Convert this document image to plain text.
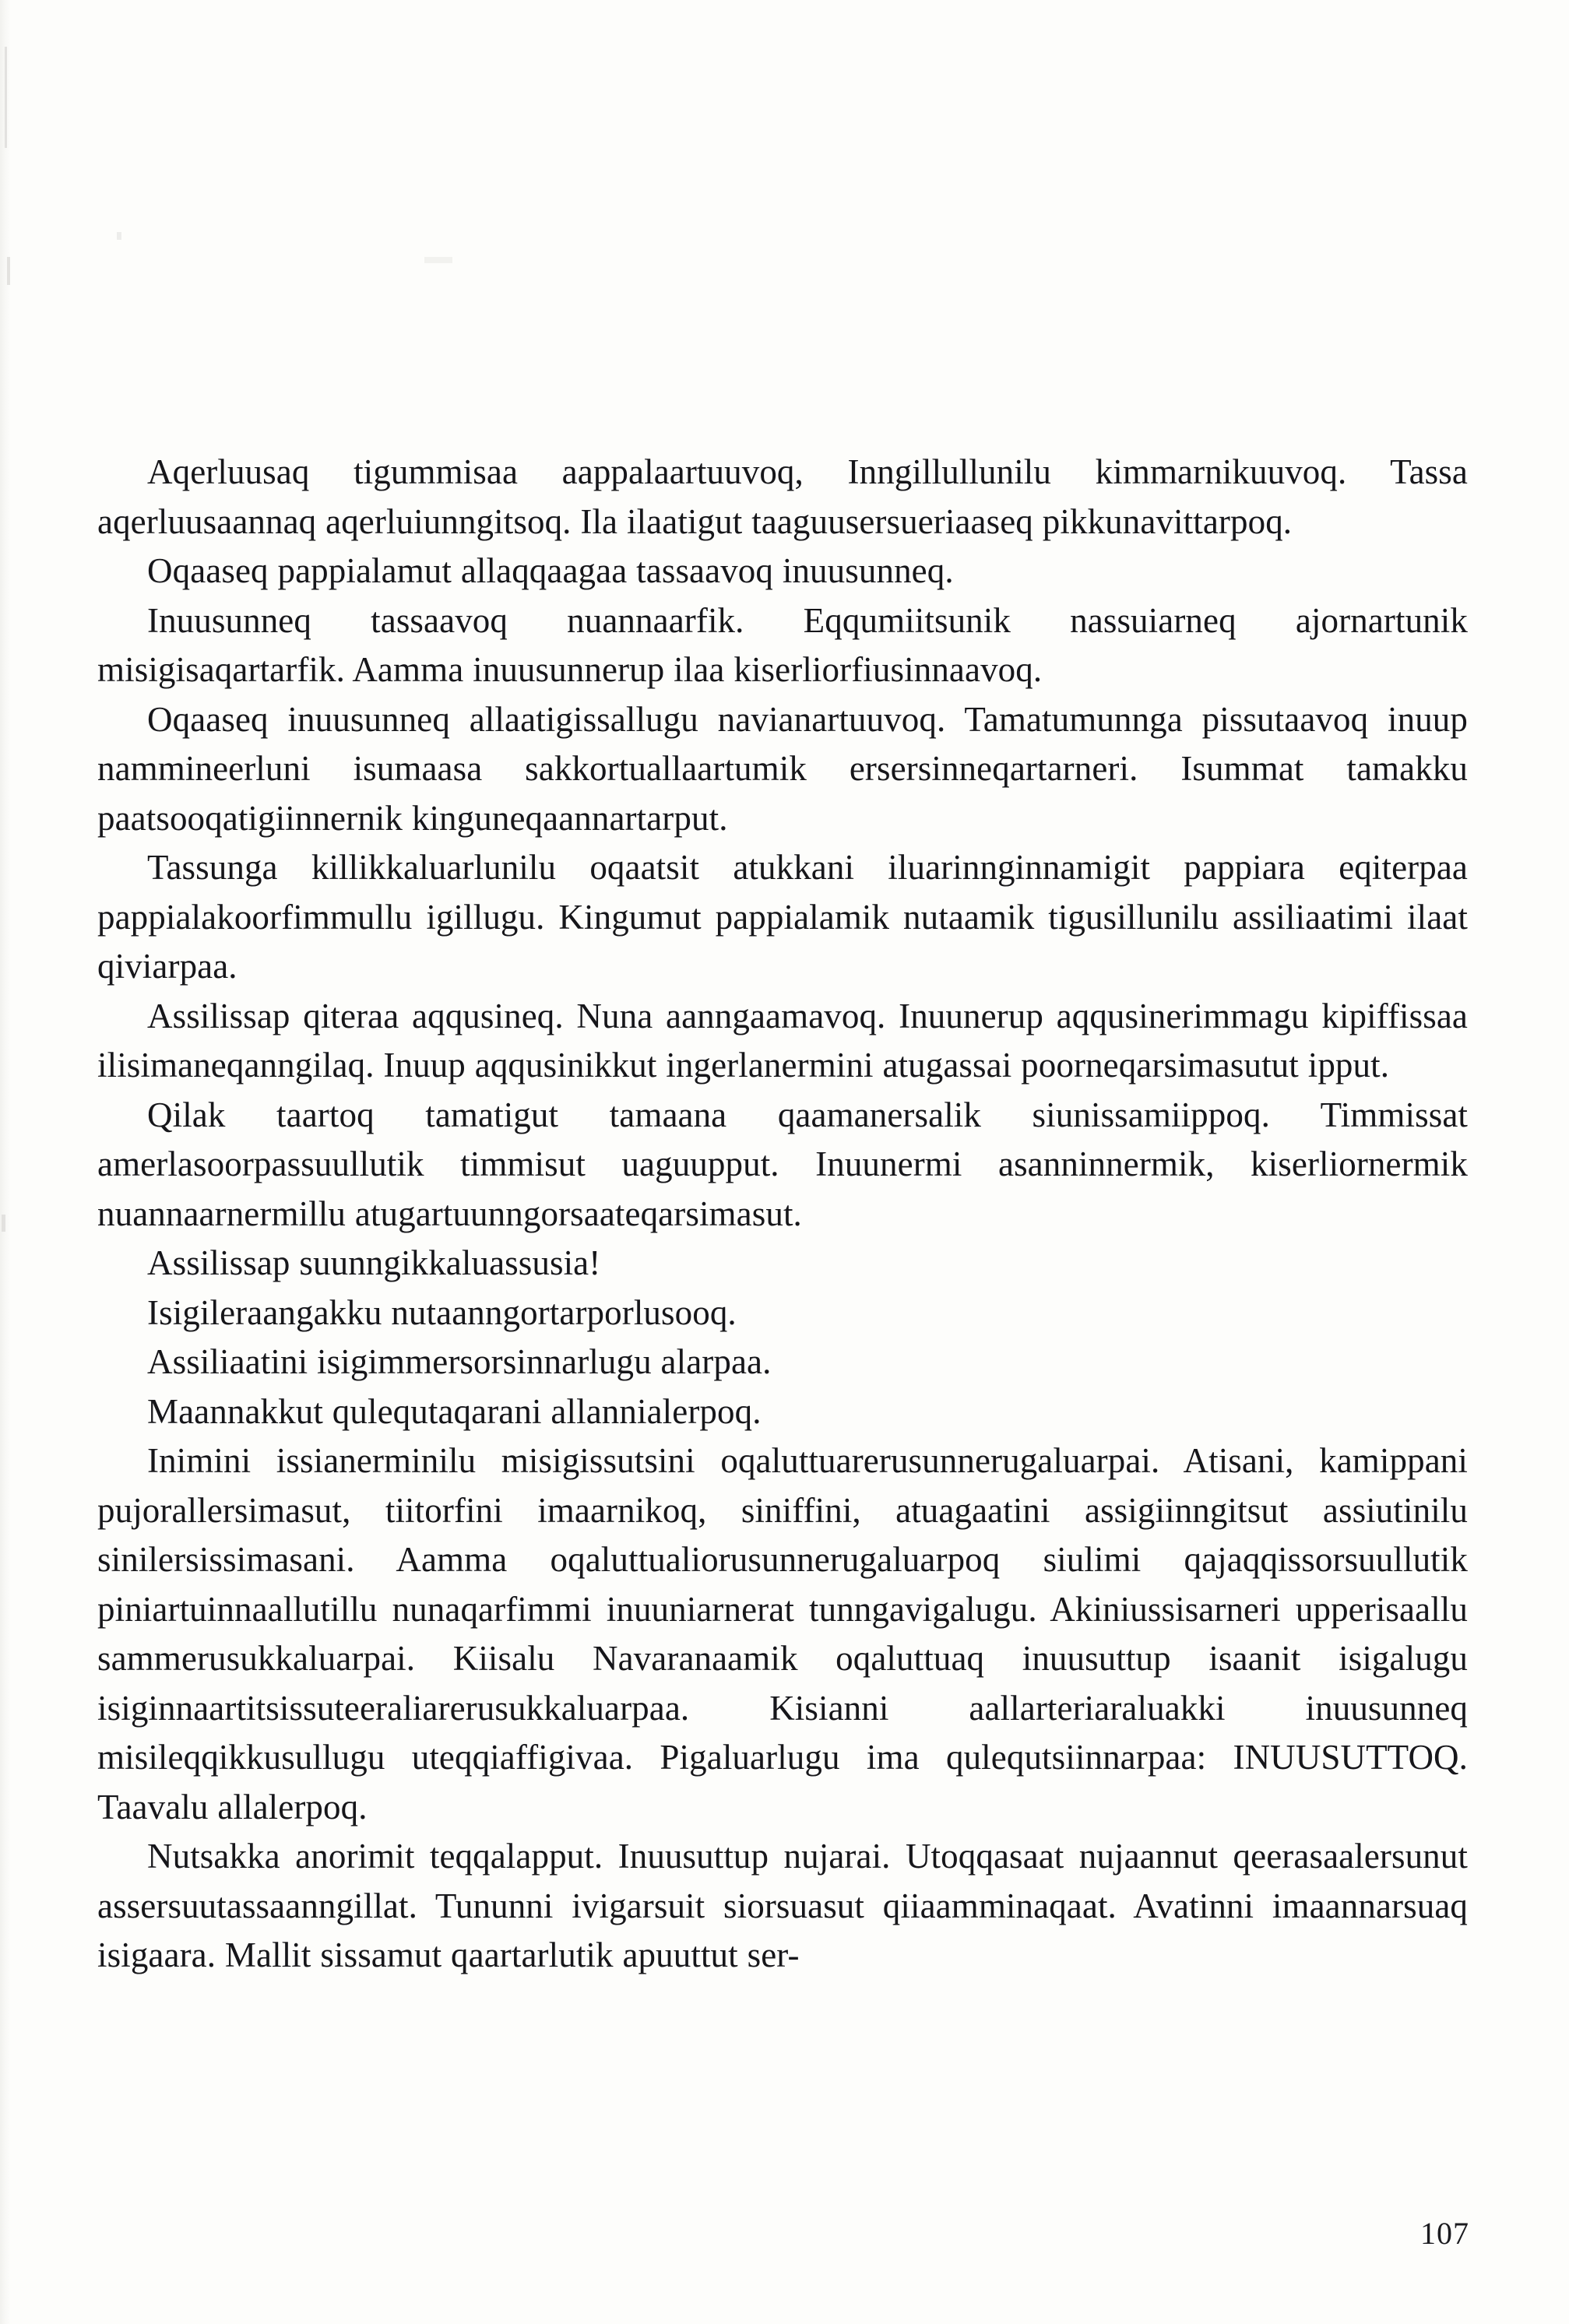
Aqerluusaq tigummisaa aappalaartuuvoq, Inngillullunilu kimmarnikuuvoq. Tassa aqerluusaannaq aqerluiunngitsoq. Ila ilaatigut taaguusersueriaaseq pikkunavittarpoq.

Oqaaseq pappialamut allaqqaagaa tassaavoq inuusunneq.

Inuusunneq tassaavoq nuannaarfik. Eqqumiitsunik nassuiarneq ajornartunik misigisaqartarfik. Aamma inuusunnerup ilaa kiserliorfiusinnaavoq.

Oqaaseq inuusunneq allaatigissallugu navianartuuvoq. Tamatumunnga pissutaavoq inuup nammineerluni isumaasa sakkortuallaartumik ersersinneqartarneri. Isummat tamakku paatsooqatigiinnernik kinguneqaannartarput.

Tassunga killikkaluarlunilu oqaatsit atukkani iluarinnginnamigit pappiara eqiterpaa pappialakoorfimmullu igillugu. Kingumut pappialamik nutaamik tigusillunilu assiliaatimi ilaat qiviarpaa.

Assilissap qiteraa aqqusineq. Nuna aanngaamavoq. Inuunerup aqqusinerimmagu kipiffissaa ilisimaneqanngilaq. Inuup aqqusinikkut ingerlanermini atugassai poorneqarsimasutut ipput.

Qilak taartoq tamatigut tamaana qaamanersalik siunissamiippoq. Timmissat amerlasoorpassuullutik timmisut uaguupput. Inuunermi asanninnermik, kiserliornermik nuannaarnermillu atugartuunngorsaateqarsimasut.

Assilissap suunngikkaluassusia!

Isigileraangakku nutaanngortarporlusooq.

Assiliaatini isigimmersorsinnarlugu alarpaa.

Maannakkut qulequtaqarani allannialerpoq.

Inimini issianerminilu misigissutsini oqaluttuarerusunnerugaluarpai. Atisani, kamippani pujorallersimasut, tiitorfini imaarnikoq, siniffini, atuagaatini assigiinngitsut assiutinilu sinilersissimasani. Aamma oqaluttualiorusunnerugaluarpoq siulimi qajaqqissorsuullutik piniartuinnaallutillu nunaqarfimmi inuuniarnerat tunngavigalugu. Akiniussisarneri upperisaallu sammerusukkaluarpai. Kiisalu Navaranaamik oqaluttuaq inuusuttup isaanit isigalugu isiginnaartitsissuteeraliarerusukkaluarpaa. Kisianni aallarteriaraluakki inuusunneq misileqqikkusullugu uteqqiaffigivaa. Pigaluarlugu ima qulequtsiinnarpaa: INUUSUTTOQ. Taavalu allalerpoq.

Nutsakka anorimit teqqalapput. Inuusuttup nujarai. Utoqqasaat nujaannut qeerasaalersunut assersuutassaanngillat. Tununni ivigarsuit siorsuasut qiiaamminaqaat. Avatinni imaannarsuaq isigaara. Mallit sissamut qaartarlutik apuuttut ser-

107
